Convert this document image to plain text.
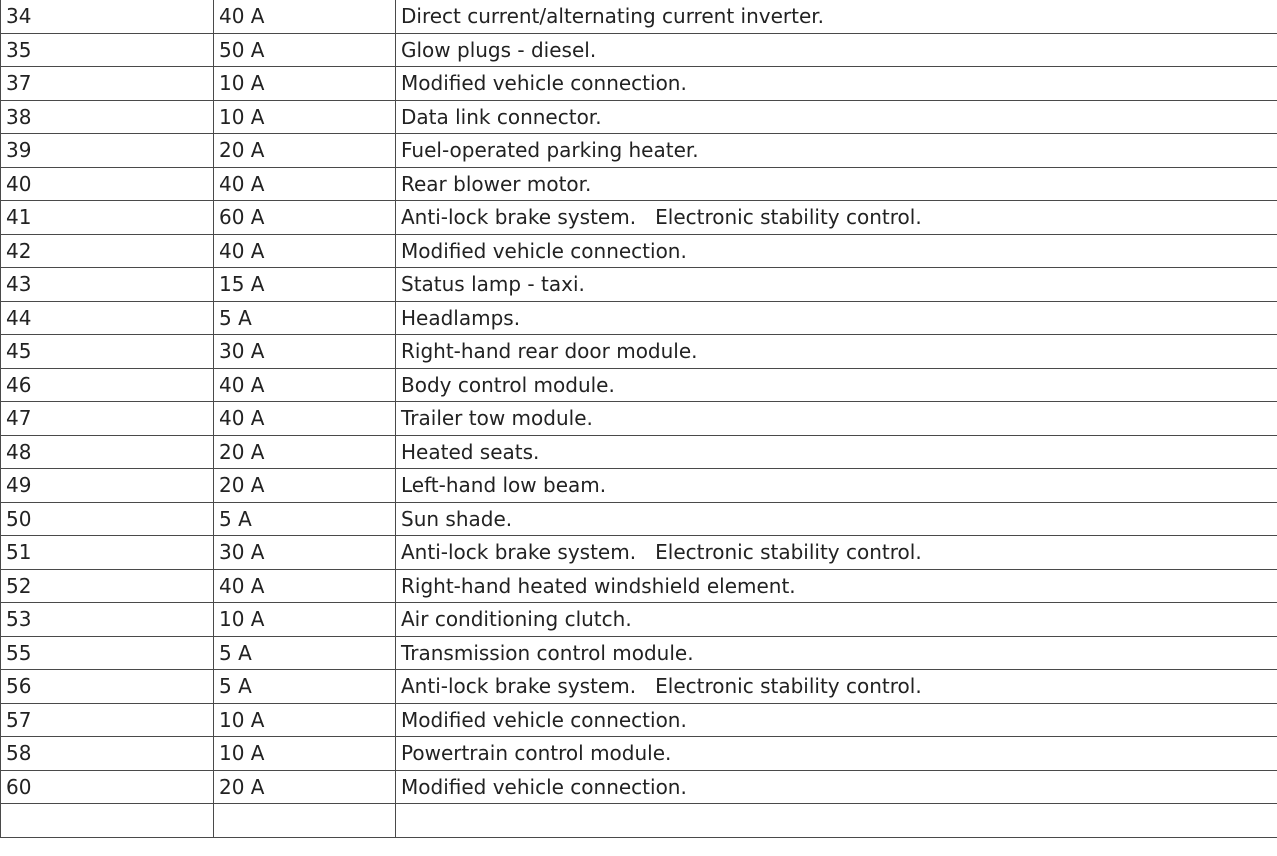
34	40 A	Direct current/alternating current inverter.
35	50 A	Glow plugs - diesel.
37	10 A	Modified vehicle connection.
38	10 A	Data link connector.
39	20 A	Fuel-operated parking heater.
40	40 A	Rear blower motor.
41	60 A	Anti-lock brake system.   Electronic stability control.
42	40 A	Modified vehicle connection.
43	15 A	Status lamp - taxi.
44	5 A	Headlamps.
45	30 A	Right-hand rear door module.
46	40 A	Body control module.
47	40 A	Trailer tow module.
48	20 A	Heated seats.
49	20 A	Left-hand low beam.
50	5 A	Sun shade.
51	30 A	Anti-lock brake system.   Electronic stability control.
52	40 A	Right-hand heated windshield element.
53	10 A	Air conditioning clutch.
55	5 A	Transmission control module.
56	5 A	Anti-lock brake system.   Electronic stability control.
57	10 A	Modified vehicle connection.
58	10 A	Powertrain control module.
60	20 A	Modified vehicle connection.
